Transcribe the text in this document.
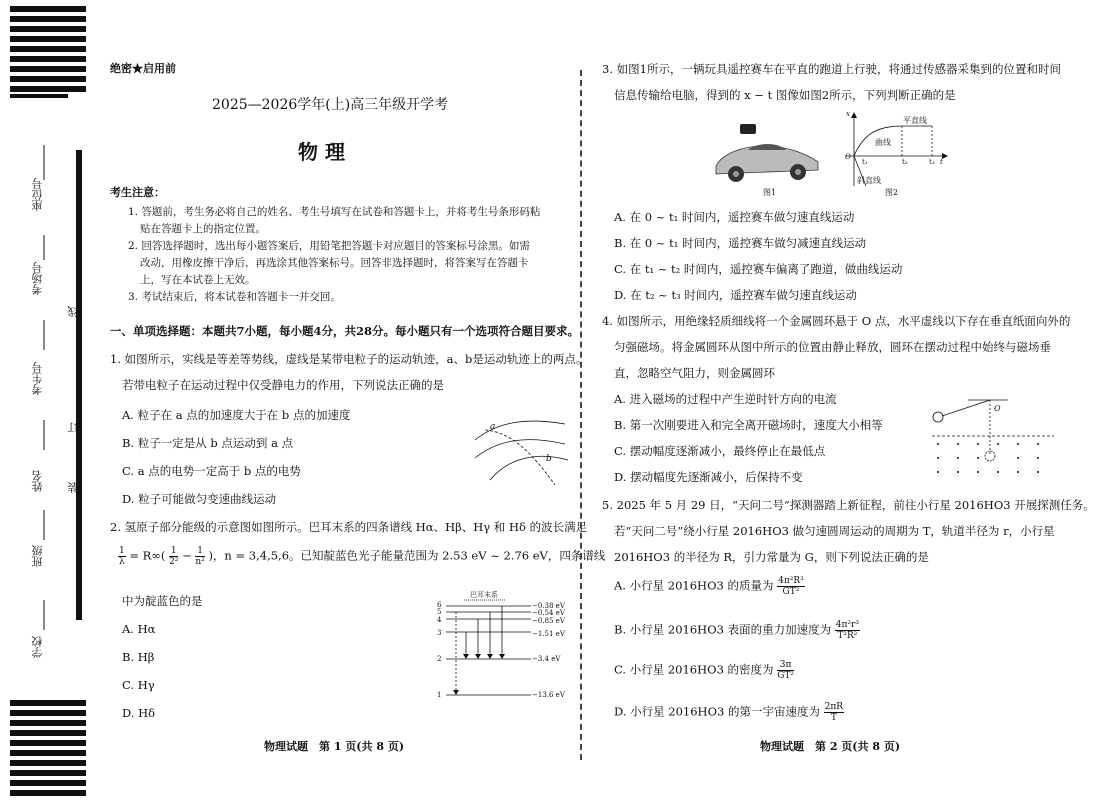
座位号
考场号
考生号
姓名
班级
学校
线
订
装
绝密★启用前
2025—2026学年(上)高三年级开学考
物 理
考生注意：
1. 答题前，考生务必将自己的姓名、考生号填写在试卷和答题卡上，并将考生号条形码粘
贴在答题卡上的指定位置。
2. 回答选择题时，选出每小题答案后，用铅笔把答题卡对应题目的答案标号涂黑。如需
改动，用橡皮擦干净后，再选涂其他答案标号。回答非选择题时，将答案写在答题卡
上，写在本试卷上无效。
3. 考试结束后，将本试卷和答题卡一并交回。
一、单项选择题：本题共7小题，每小题4分，共28分。每小题只有一个选项符合题目要求。
1. 如图所示，实线是等差等势线，虚线是某带电粒子的运动轨迹，a、b是运动轨迹上的两点。
若带电粒子在运动过程中仅受静电力的作用，下列说法正确的是
A. 粒子在 a 点的加速度大于在 b 点的加速度
B. 粒子一定是从 b 点运动到 a 点
C. a 点的电势一定高于 b 点的电势
D. 粒子可能做匀变速曲线运动
a
b
2. 氢原子部分能级的示意图如图所示。巴耳末系的四条谱线 Hα、Hβ、Hγ 和 Hδ 的波长满足
$\frac{1}{\lambda} = R\infty( \frac{1}{\text{2²}} - \frac{1}{\text{n²}}$ )，n = 3,4,5,6。已知靛蓝色光子能量范围为 2.53 eV ~ 2.76 eV，四条谱线
中为靛蓝色的是
A. Hα
B. Hβ
C. Hγ
D. Hδ
巴耳末系
6
5
4
3
2
1
−0.38 eV
−0.54 eV
−0.85 eV
−1.51 eV
−3.4 eV
−13.6 eV
物理试题　第 1 页(共 8 页)
3. 如图1所示，一辆玩具遥控赛车在平直的跑道上行驶，将通过传感器采集到的位置和时间
信息传输给电脑，得到的 x − t 图像如图2所示，下列判断正确的是
图1
x
t
O
t₁	t₂	t₃
平直线
曲线
斜直线
图2
A. 在 0 ~ t₁ 时间内，遥控赛车做匀速直线运动
B. 在 0 ~ t₁ 时间内，遥控赛车做匀减速直线运动
C. 在 t₁ ~ t₂ 时间内，遥控赛车偏离了跑道，做曲线运动
D. 在 t₂ ~ t₃ 时间内，遥控赛车做匀速直线运动
4. 如图所示，用绝缘轻质细线将一个金属圆环悬于 O 点，水平虚线以下存在垂直纸面向外的
匀强磁场。将金属圆环从图中所示的位置由静止释放，圆环在摆动过程中始终与磁场垂
直，忽略空气阻力，则金属圆环
A. 进入磁场的过程中产生逆时针方向的电流
B. 第一次刚要进入和完全离开磁场时，速度大小相等
C. 摆动幅度逐渐减小，最终停止在最低点
D. 摆动幅度先逐渐减小，后保持不变
O
5. 2025 年 5 月 29 日，“天问二号”探测器踏上新征程，前往小行星 2016HO3 开展探测任务。
若“天问二号”绕小行星 2016HO3 做匀速圆周运动的周期为 T，轨道半径为 r，小行星
2016HO3 的半径为 R，引力常量为 G，则下列说法正确的是
A. 小行星 2016HO3 的质量为 $\frac{\text{4π²R³}}{\text{GT²}}$
B. 小行星 2016HO3 表面的重力加速度为 $\frac{\text{4π²r³}}{\text{T²R²}}$
C. 小行星 2016HO3 的密度为 $\frac{3\pi}{\text{GT²}}$
D. 小行星 2016HO3 的第一宇宙速度为 $\frac{2\pi R}{T}$
物理试题　第 2 页(共 8 页)
